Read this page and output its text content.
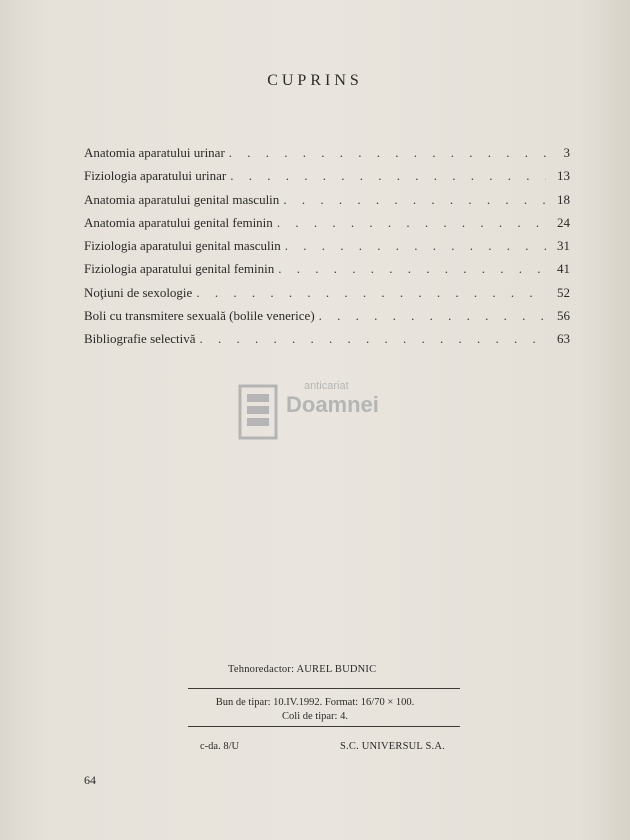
CUPRINS
Anatomia aparatului urinar . . .	3
Fiziologia aparatului urinar . . .	13
Anatomia aparatului genital masculin . . .	18
Anatomia aparatului genital feminin . . .	24
Fiziologia aparatului genital masculin . . .	31
Fiziologia aparatului genital feminin . . .	41
Noţiuni de sexologie . . .	52
Boli cu transmitere sexuală (bolile venerice) . . .	56
Bibliografie selectivă . . .	63
anticariat
Doamnei
Tehnoredactor: AUREL BUDNIC
Bun de tipar: 10.IV.1992. Format: 16/70 × 100.
Coli de tipar: 4.
c-da. 8/U	S.C. UNIVERSUL S.A.
64
